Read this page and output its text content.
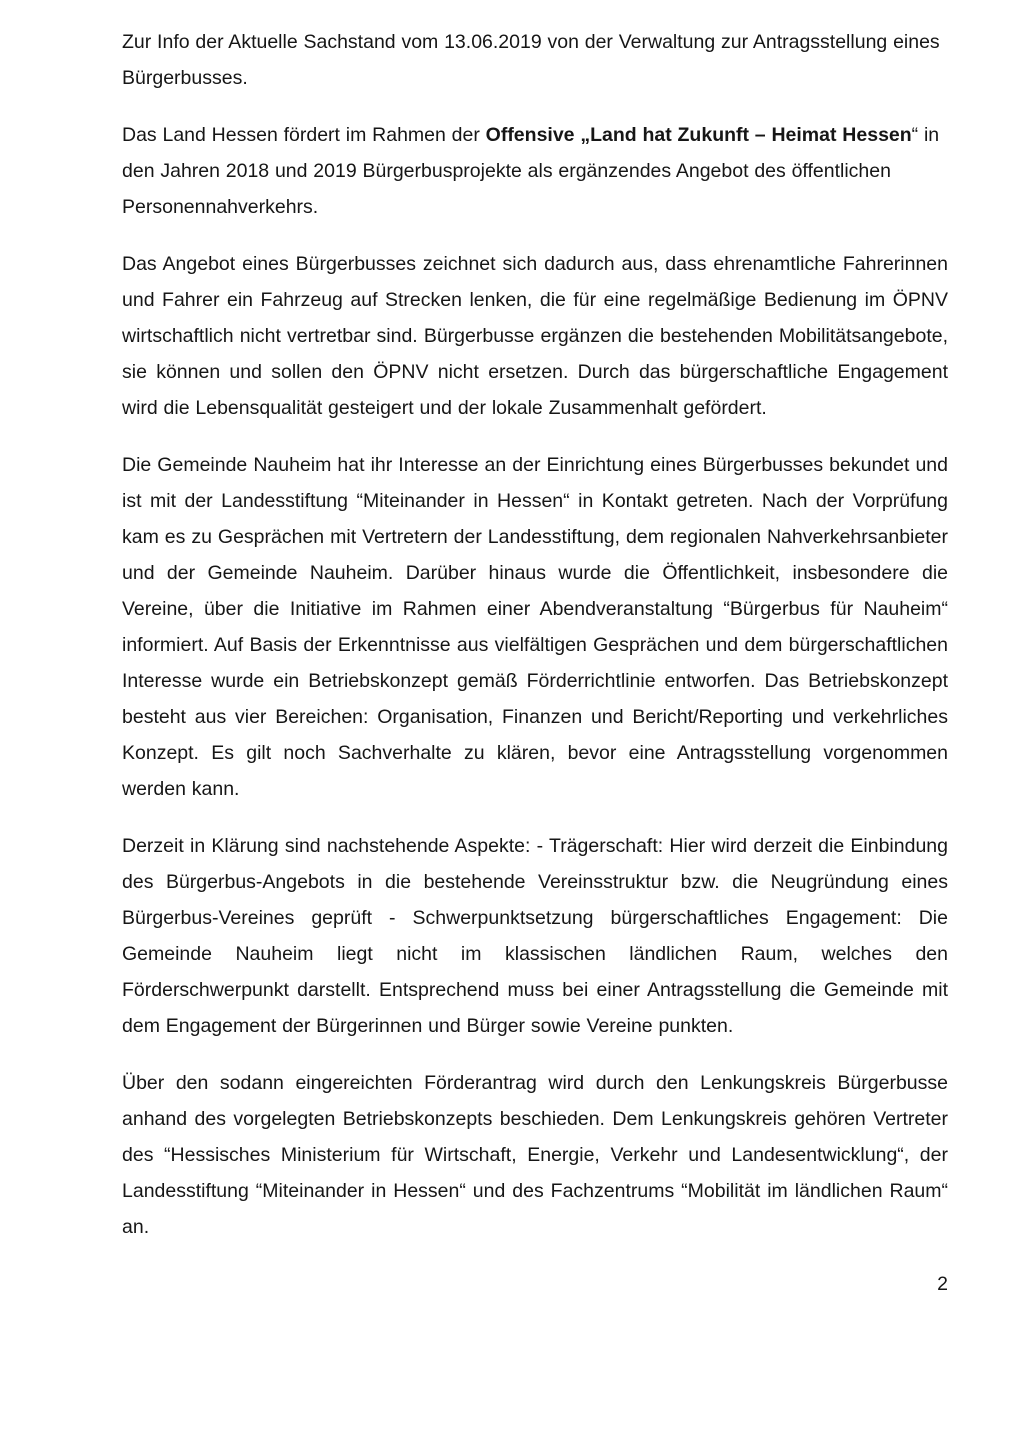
Zur Info der Aktuelle Sachstand vom 13.06.2019 von der Verwaltung zur Antragsstellung eines Bürgerbusses.

Das Land Hessen fördert im Rahmen der Offensive „Land hat Zukunft – Heimat Hessen“ in den Jahren 2018 und 2019 Bürgerbusprojekte als ergänzendes Angebot des öffentlichen Personennahverkehrs.

Das Angebot eines Bürgerbusses zeichnet sich dadurch aus, dass ehrenamtliche Fahrerinnen und Fahrer ein Fahrzeug auf Strecken lenken, die für eine regelmäßige Bedienung im ÖPNV wirtschaftlich nicht vertretbar sind. Bürgerbusse ergänzen die bestehenden Mobilitätsangebote, sie können und sollen den ÖPNV nicht ersetzen. Durch das bürgerschaftliche Engagement wird die Lebensqualität gesteigert und der lokale Zusammenhalt gefördert.

Die Gemeinde Nauheim hat ihr Interesse an der Einrichtung eines Bürgerbusses bekundet und ist mit der Landesstiftung “Miteinander in Hessen“ in Kontakt getreten. Nach der Vorprüfung kam es zu Gesprächen mit Vertretern der Landesstiftung, dem regionalen Nahverkehrsanbieter und der Gemeinde Nauheim. Darüber hinaus wurde die Öffentlichkeit, insbesondere die Vereine, über die Initiative im Rahmen einer Abendveranstaltung “Bürgerbus für Nauheim“ informiert. Auf Basis der Erkenntnisse aus vielfältigen Gesprächen und dem bürgerschaftlichen Interesse wurde ein Betriebskonzept gemäß Förderrichtlinie entworfen. Das Betriebskonzept besteht aus vier Bereichen: Organisation, Finanzen und Bericht/Reporting und verkehrliches Konzept. Es gilt noch Sachverhalte zu klären, bevor eine Antragsstellung vorgenommen werden kann.

Derzeit in Klärung sind nachstehende Aspekte: - Trägerschaft: Hier wird derzeit die Einbindung des Bürgerbus-Angebots in die bestehende Vereinsstruktur bzw. die Neugründung eines Bürgerbus-Vereines geprüft - Schwerpunktsetzung bürgerschaftliches Engagement: Die Gemeinde Nauheim liegt nicht im klassischen ländlichen Raum, welches den Förderschwerpunkt darstellt. Entsprechend muss bei einer Antragsstellung die Gemeinde mit dem Engagement der Bürgerinnen und Bürger sowie Vereine punkten.

Über den sodann eingereichten Förderantrag wird durch den Lenkungskreis Bürgerbusse anhand des vorgelegten Betriebskonzepts beschieden. Dem Lenkungskreis gehören Vertreter des “Hessisches Ministerium für Wirtschaft, Energie, Verkehr und Landesentwicklung“, der Landesstiftung “Miteinander in Hessen“ und des Fachzentrums “Mobilität im ländlichen Raum“ an.

2
